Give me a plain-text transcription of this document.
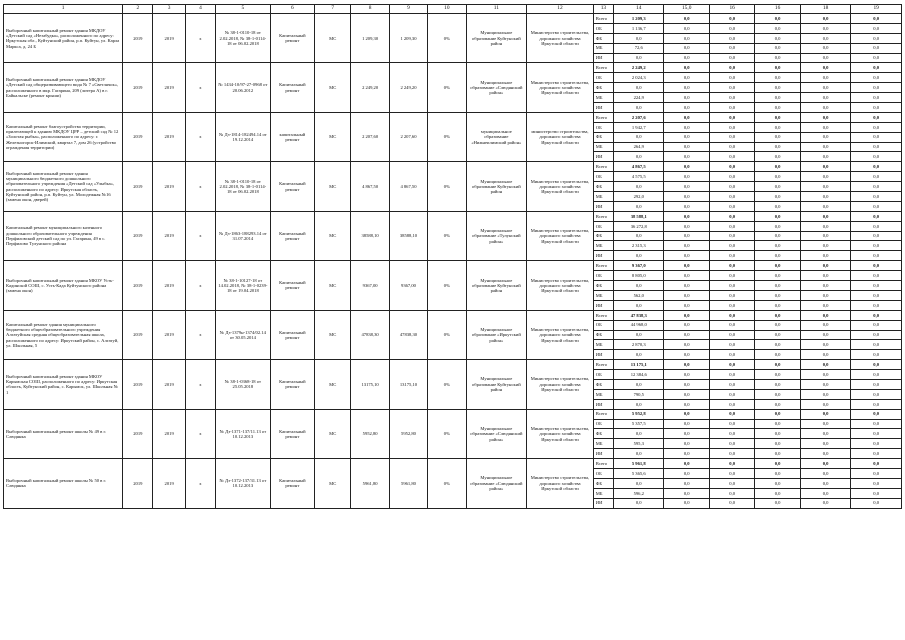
1	2	3	4	5	6	7	8	9	10	11	12	13	14	15,0	16	16	18	19
Выборочный капитальный ремонт здания МКДОУ «Детский сад «Незабудка», расположенного по адресу: Иркутская обл., Куйтунский район, р.п. Куйтун, ул. Карла Маркса, д. 24 Б	2019	2019	х	№ 38-1-0110-18 от 2.02.2018, № 38-1-0114-18 от 06.02.2018	Капитальный ремонт	МС	1 209,30	1 209,30	0%	Муниципальное образование Куйтунский район	Министерство строительства, дорожного хозяйства Иркутской области	Всего	1 209,3	0,0	0,0	0,0	0,0	0,0
												ОБ	1 136,7	0,0	0,0	0,0	0,0	0,0
												ФБ	0,0	0,0	0,0	0,0	0,0	0,0
												МБ	72,6	0,0	0,0	0,0	0,0	0,0
												ИИ	0,0	0,0	0,0	0,0	0,0	0,0
Выборочный капитальный ремонт здания МКДОУ «Детский сад общеразвивающего вида № 7 «Светлячок», расположенного в мкр. Гагарина, 209 (литера А) в г. Байкальске (ремонт крыши)	2019	2019	х	№ 1434-10/97-27-0968 от 20.06.2012	Капитальный ремонт	МС	2 249,20	2 249,20	0%	Муниципальное образование «Слюдянский район»	Министерство строительства, дорожного хозяйства Иркутской области	Всего	2 249,2	0,0	0,0	0,0	0,0	0,0
												ОБ	2 024,3	0,0	0,0	0,0	0,0	0,0
												ФБ	0,0	0,0	0,0	0,0	0,0	0,0
												МБ	224,9	0,0	0,0	0,0	0,0	0,0
												ИИ	0,0	0,0	0,0	0,0	0,0	0,0
Капитальный ремонт благоустройства территории, прилегающей к зданию МКДОУ ЦРР – детский сад № 12 «Золотая рыбка», расположенного по адресу: г. Железногорск-Илимский, квартал 7, дом 26 (устройство ограждения территории)	2019	2019	х	№ Дз-1814-182494.14 от 19.12.2014	капитальный ремонт	МС	2 207,60	2 207,60	0%	муниципальное образование «Нижнеилимский район»	министерство строительства, дорожного хозяйства Иркутской области	Всего	2 207,6	0,0	0,0	0,0	0,0	0,0
												ОБ	1 942,7	0,0	0,0	0,0	0,0	0,0
												ФБ	0,0	0,0	0,0	0,0	0,0	0,0
												МБ	264,9	0,0	0,0	0,0	0,0	0,0
												ИИ	0,0	0,0	0,0	0,0	0,0	0,0
Выборочный капитальный ремонт здания муниципального бюджетного дошкольного образовательного учреждения «Детский сад «Улыбка», расположенного по адресу: Иркутская область, Куйтунский район, р.п. Куйтун, ул. Молодежная №16 (замена окон, дверей)	2019	2019	х	№ 38-1-0110-18 от 2.02.2018, № 38-1-0114-18 от 06.02.2018	Капитальный ремонт	МС	4 867,50	4 867,50	0%	Муниципальное образование Куйтунский район	Министерство строительства, дорожного хозяйства Иркутской области	Всего	4 867,5	0,0	0,0	0,0	0,0	0,0
												ОБ	4 575,5	0,0	0,0	0,0	0,0	0,0
												ФБ	0,0	0,0	0,0	0,0	0,0	0,0
												МБ	292,0	0,0	0,0	0,0	0,0	0,0
												ИИ	0,0	0,0	0,0	0,0	0,0	0,0
Капитальный ремонт муниципального казенного дошкольного образовательного учреждения Перфиловский детский сад по ул. Гагарина, 49 в с. Перфилово Тулунского района	2019	2019	х	№ Дз-1863-188293.14 от 31.07.2014	Капитальный ремонт	МС	38588,10	38588,10	0%	Муниципальное образование «Тулунский район»	Министерство строительства, дорожного хозяйства Иркутской области	Всего	38 588,1	0,0	0,0	0,0	0,0	0,0
												ОБ	36 272,8	0,0	0,0	0,0	0,0	0,0
												ФБ	0,0	0,0	0,0	0,0	0,0	0,0
												МБ	2 315,3	0,0	0,0	0,0	0,0	0,0
												ИИ	0,0	0,0	0,0	0,0	0,0	0,0
Выборочный капитальный ремонт здания МКОУ Усть-Кадинской СОШ, с. Усть-Када Куйтунского района (замена окон)	2019	2019	х	№ 38-1-10127-18 от 14.02.2018, № 38-1-0239-18 от 19.04.2018	Капитальный ремонт	МС	9367,00	9367,00	0%	Муниципальное образование Куйтунский район	Министерство строительства, дорожного хозяйства Иркутской области	Всего	9 367,0	0,0	0,0	0,0	0,0	0,0
												ОБ	8 805,0	0,0	0,0	0,0	0,0	0,0
												ФБ	0,0	0,0	0,0	0,0	0,0	0,0
												МБ	562,0	0,0	0,0	0,0	0,0	0,0
												ИИ	0,0	0,0	0,0	0,0	0,0	0,0
Капитальный ремонт здания муниципального бюджетного общеобразовательного учреждения Алгатуйская средняя общеобразовательная школа, расположенного по адресу: Иркутский район, с. Алгатуй, ул. Школьная, 5	2019	2019	х	№ Дз-1379н-1374/02.14 от 30.05.2014	Капитальный ремонт	МС	47838,30	47838,30	0%	Муниципальное образование «Иркутский район»	Министерство строительства, дорожного хозяйства Иркутской области	Всего	47 838,3	0,0	0,0	0,0	0,0	0,0
												ОБ	44 968,0	0,0	0,0	0,0	0,0	0,0
												ФБ	0,0	0,0	0,0	0,0	0,0	0,0
												МБ	2 870,3	0,0	0,0	0,0	0,0	0,0
												ИИ	0,0	0,0	0,0	0,0	0,0	0,0
Выборочный капитальный ремонт здания МКОУ Карымская СОШ, расположенного по адресу: Иркутская область, Куйтунский район, с. Карымск, ул. Школьная № 1	2019	2019	х	№ 38-1-0368-18 от 25.05.2018	Капитальный ремонт	МС	13175,10	13175,10	0%	Муниципальное образование Куйтунский район	Министерство строительства, дорожного хозяйства Иркутской области	Всего	13 175,1	0,0	0,0	0,0	0,0	0,0
												ОБ	12 384,6	0,0	0,0	0,0	0,0	0,0
												ФБ	0,0	0,0	0,0	0,0	0,0	0,0
												МБ	790,5	0,0	0,0	0,0	0,0	0,0
												ИИ	0,0	0,0	0,0	0,0	0,0	0,0
Выборочный капитальный ремонт школы № 49 в г. Слюдянка	2019	2019	х	№ Дз-1371-137/11.13 от 10.12.2013	Капитальный ремонт	МС	5952,80	5952,80	0%	Муниципальное образование «Слюдянский район»	Министерство строительства, дорожного хозяйства Иркутской области	Всего	5 952,8	0,0	0,0	0,0	0,0	0,0
												ОБ	5 357,5	0,0	0,0	0,0	0,0	0,0
												ФБ	0,0	0,0	0,0	0,0	0,0	0,0
												МБ	595,3	0,0	0,0	0,0	0,0	0,0
												ИИ	0,0	0,0	0,0	0,0	0,0	0,0
Выборочный капитальный ремонт школы № 50 в г. Слюдянка	2019	2019	х	№ Дз-1372-137/31.13 от 10.12.2013	Капитальный ремонт	МС	5961,80	5961,80	0%	Муниципальное образование «Слюдянский район»	Министерство строительства, дорожного хозяйства Иркутской области	Всего	5 961,8	0,0	0,0	0,0	0,0	0,0
												ОБ	5 365,6	0,0	0,0	0,0	0,0	0,0
												ФБ	0,0	0,0	0,0	0,0	0,0	0,0
												МБ	596,2	0,0	0,0	0,0	0,0	0,0
												ИИ	0,0	0,0	0,0	0,0	0,0	0,0
